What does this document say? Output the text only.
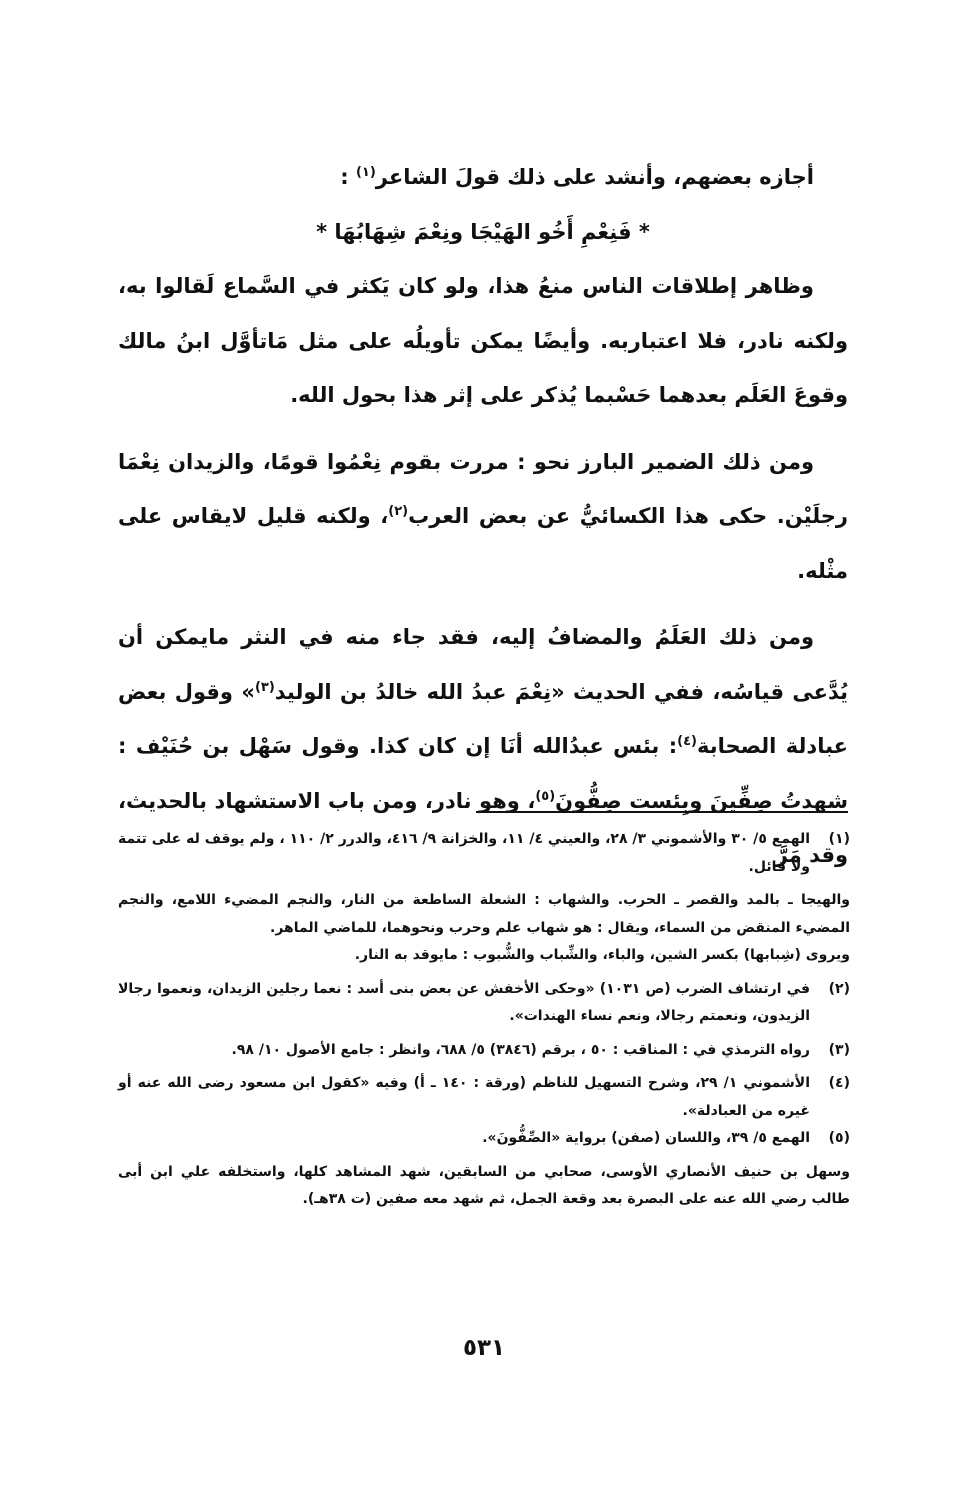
أجازه بعضهم، وأنشد على ذلك قولَ الشاعر$^{(١)}$ :

* فَنِعْمِ أَخُو الهَيْجَا ونِعْمَ شِهَابُهَا *

وظاهر إطلاقات الناس منعُ هذا، ولو كان يَكثر في السَّماع لَقالوا به، ولكنه نادر، فلا اعتباربه. وأيضًا يمكن تأويلُه على مثل مَاتأوَّل ابنُ مالك وقوعَ العَلَم بعدهما حَسْبما يُذكر على إثر هذا بحول الله.

ومن ذلك الضمير البارز نحو : مررت بقوم نِعْمُوا قومًا، والزيدان نِعْمَا رجلَيْن. حكى هذا الكسائيُّ عن بعض العرب$^{(٢)}$، ولكنه قليل لايقاس على مثْله.

ومن ذلك العَلَمُ والمضافُ إليه، فقد جاء منه في النثر مايمكن أن يُدَّعى قياسُه، ففي الحديث «نِعْمَ عبدُ الله خالدُ بن الوليد$^{(٣)}$» وقول بعض عبادلة الصحابة$^{(٤)}$: بئس عبدُالله أنَا إن كان كذا. وقول سَهْل بن حُنَيْف : شهدتُ صِفِّينَ وبِئست صِفُّونَ$^{(٥)}$، وهو نادر، ومن باب الاستشهاد بالحديث، وقد مَرَّ

(١)
الهمع ٥/ ٣٠ والأشموني ٣/ ٢٨، والعيني ٤/ ١١، والخزانة ٩/ ٤١٦، والدرر ٢/ ١١٠ ، ولم يوقف له على تتمة ولا قائل.

والهيجا ـ بالمد والقصر ـ الحرب. والشهاب : الشعلة الساطعة من النار، والنجم المضيء اللامع، والنجم المضيء المنقض من السماء، ويقال : هو شهاب علم وحرب ونحوهما، للماضي الماهر.

ويروى (شِبابها) بكسر الشين، والباء، والشِّباب والشُّبوب : مايوقد به النار.

(٢)
في ارتشاف الضرب (ص ١٠٣١) «وحكى الأخفش عن بعض بنى أسد : نعما رجلين الزيدان، ونعموا رجالا الزيدون، ونعمتم رجالا، ونعم نساء الهندات».
(٣)
رواه الترمذي في : المناقب : ٥٠ ، برقم (٣٨٤٦) ٥/ ٦٨٨، وانظر : جامع الأصول ١٠/ ٩٨.
(٤)
الأشموني ١/ ٢٩، وشرح التسهيل للناظم (ورقة : ١٤٠ ـ أ) وفيه «كقول ابن مسعود رضى الله عنه أو غيره من العبادلة».
(٥)
الهمع ٥/ ٣٩، واللسان (صفن) برواية «الصِّفُّونَ».
وسهل بن حنيف الأنصاري الأوسى، صحابي من السابقين، شهد المشاهد كلها، واستخلفه علي ابن أبى طالب رضي الله عنه على البصرة بعد وقعة الجمل، ثم شهد معه صفين (ت ٣٨هـ).
٥٣١
